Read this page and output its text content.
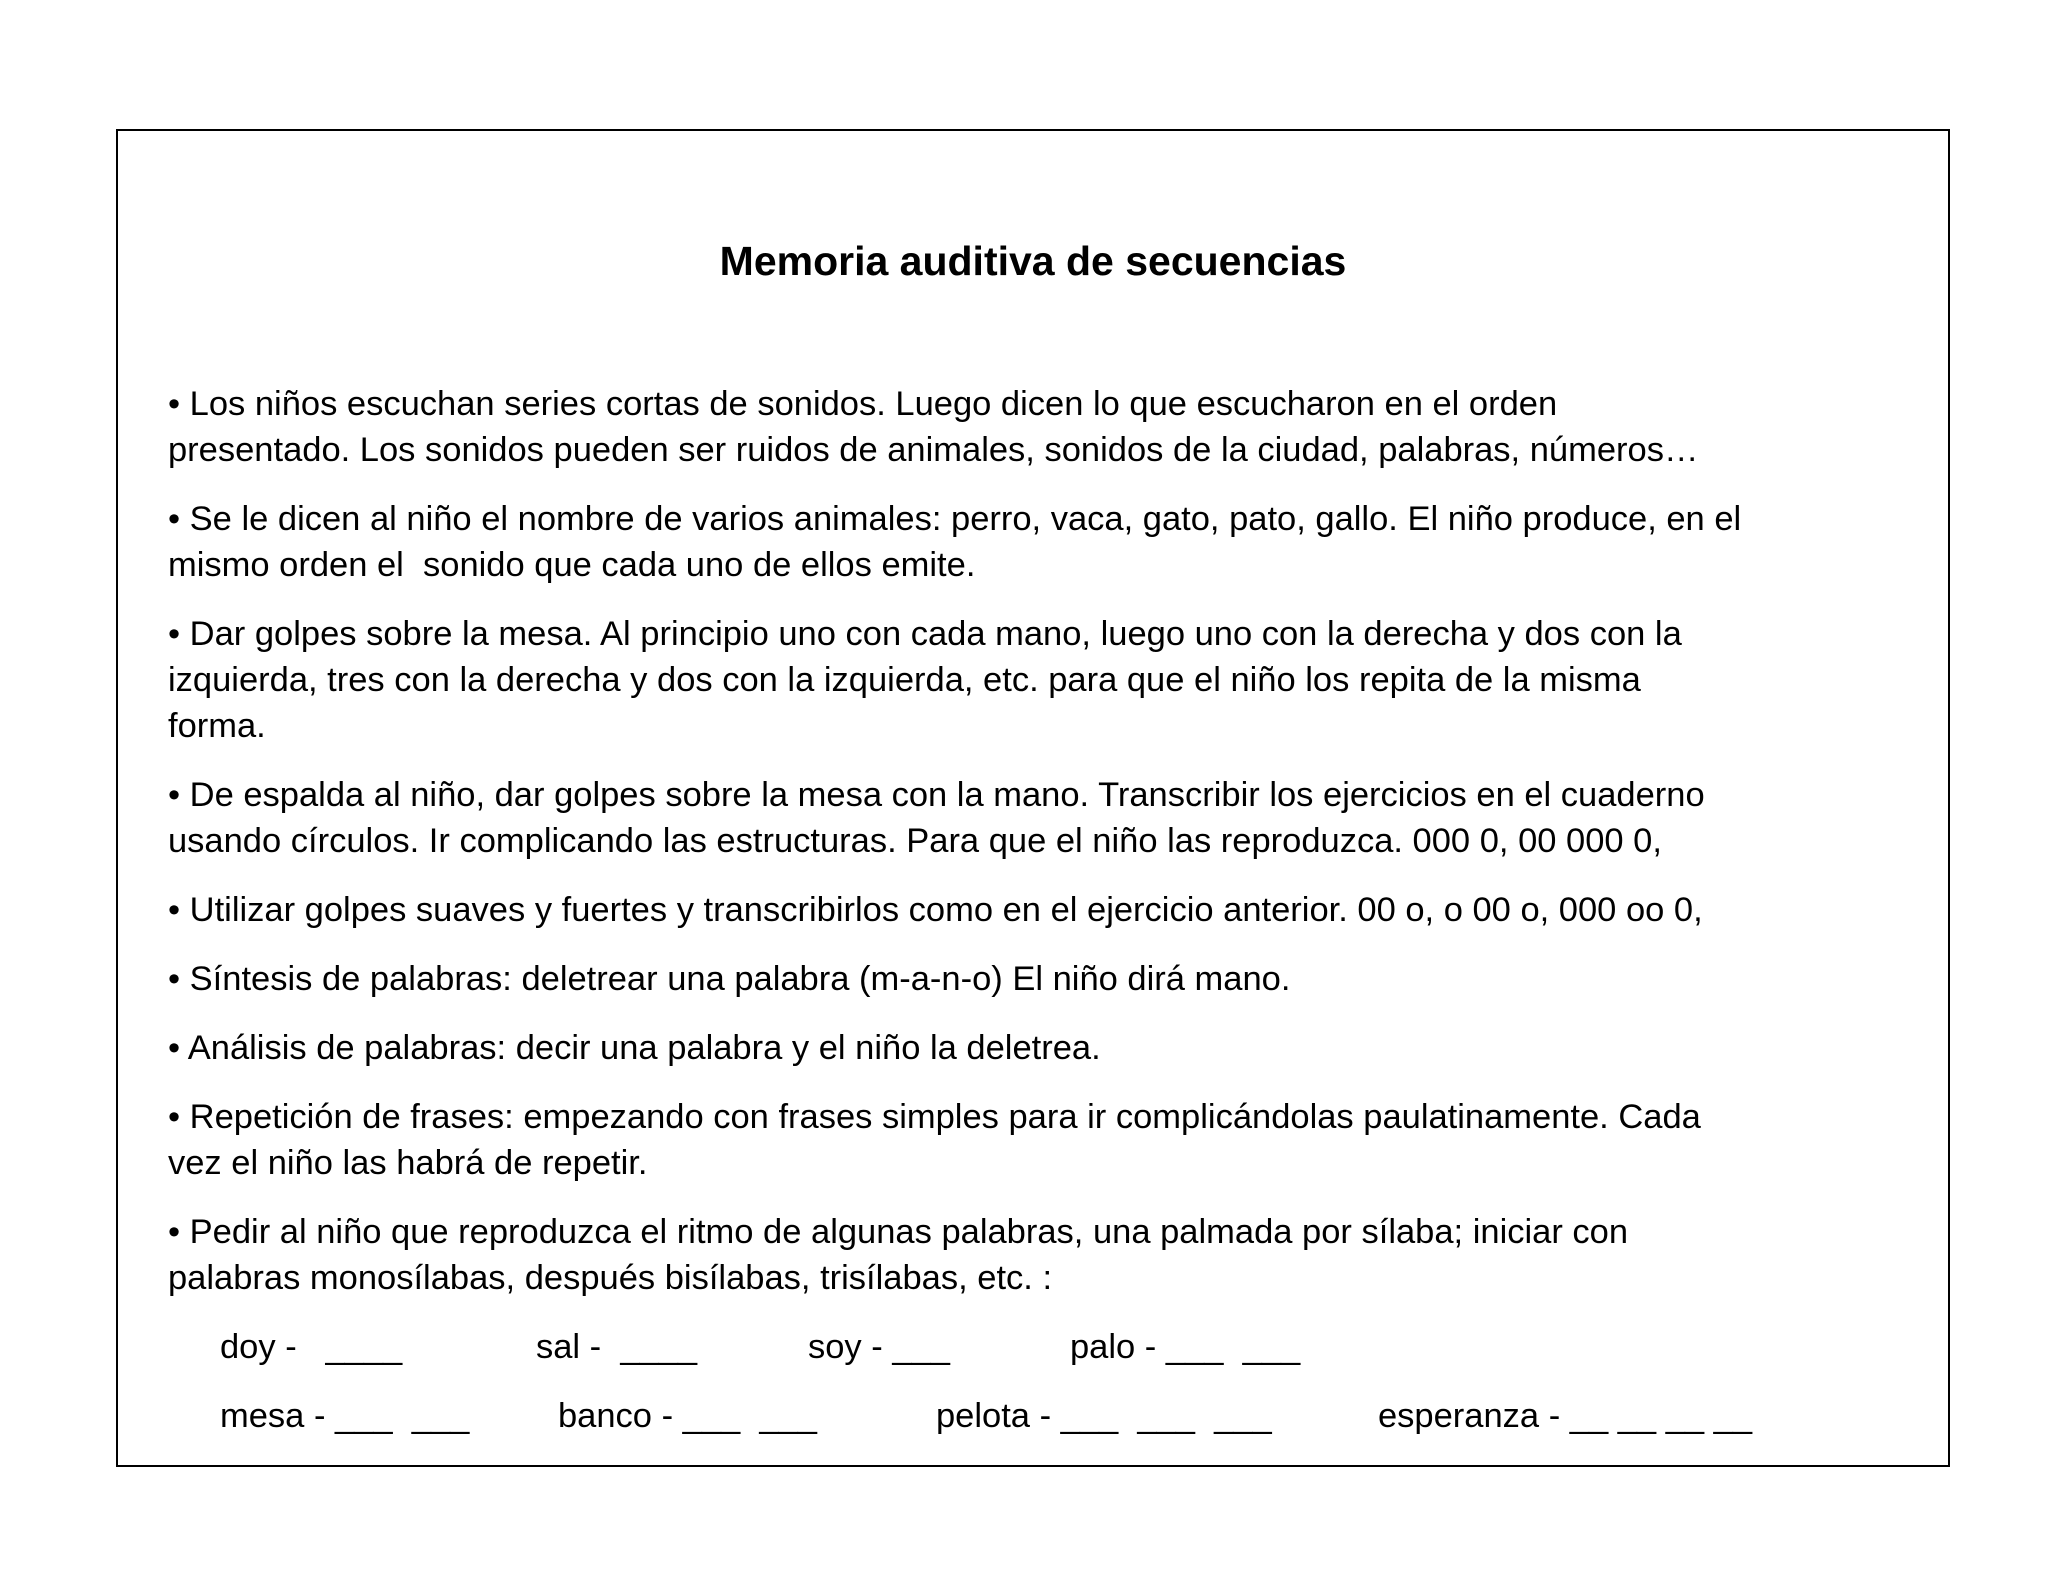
Memoria auditiva de secuencias
• Los niños escuchan series cortas de sonidos. Luego dicen lo que escucharon en el orden
presentado. Los sonidos pueden ser ruidos de animales, sonidos de la ciudad, palabras, números…
• Se le dicen al niño el nombre de varios animales: perro, vaca, gato, pato, gallo. El niño produce, en el
mismo orden el  sonido que cada uno de ellos emite.
• Dar golpes sobre la mesa. Al principio uno con cada mano, luego uno con la derecha y dos con la
izquierda, tres con la derecha y dos con la izquierda, etc. para que el niño los repita de la misma
forma.
• De espalda al niño, dar golpes sobre la mesa con la mano. Transcribir los ejercicios en el cuaderno
usando círculos. Ir complicando las estructuras. Para que el niño las reproduzca. 000 0, 00 000 0,
• Utilizar golpes suaves y fuertes y transcribirlos como en el ejercicio anterior. 00 o, o 00 o, 000 oo 0,
• Síntesis de palabras: deletrear una palabra (m-a-n-o) El niño dirá mano.
• Análisis de palabras: decir una palabra y el niño la deletrea.
• Repetición de frases: empezando con frases simples para ir complicándolas paulatinamente. Cada
vez el niño las habrá de repetir.
• Pedir al niño que reproduzca el ritmo de algunas palabras, una palmada por sílaba; iniciar con
palabras monosílabas, después bisílabas, trisílabas, etc. :
doy -   ____	sal -  ____	soy - ___	palo - ___  ___
mesa - ___  ___	banco - ___  ___	pelota - ___  ___  ___	esperanza - __ __ __ __
